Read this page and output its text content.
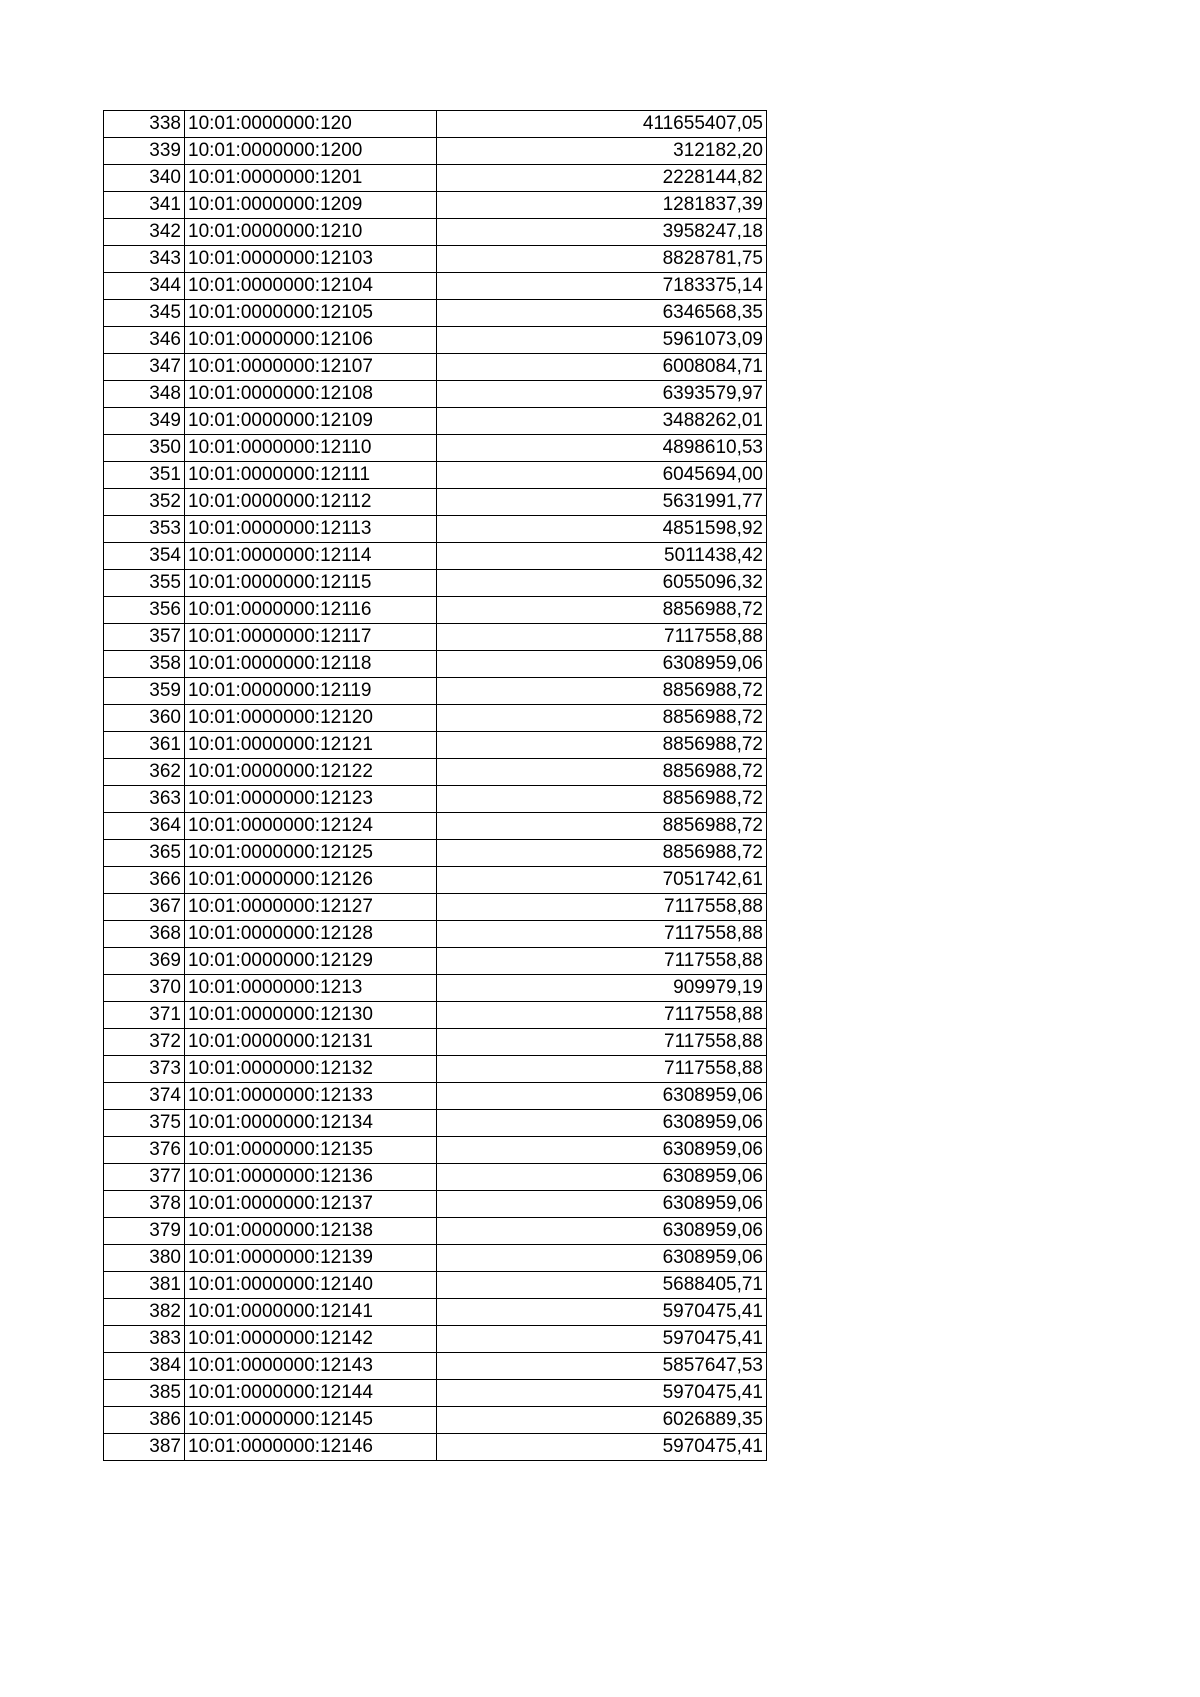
338	10:01:0000000:120	411655407,05
339	10:01:0000000:1200	312182,20
340	10:01:0000000:1201	2228144,82
341	10:01:0000000:1209	1281837,39
342	10:01:0000000:1210	3958247,18
343	10:01:0000000:12103	8828781,75
344	10:01:0000000:12104	7183375,14
345	10:01:0000000:12105	6346568,35
346	10:01:0000000:12106	5961073,09
347	10:01:0000000:12107	6008084,71
348	10:01:0000000:12108	6393579,97
349	10:01:0000000:12109	3488262,01
350	10:01:0000000:12110	4898610,53
351	10:01:0000000:12111	6045694,00
352	10:01:0000000:12112	5631991,77
353	10:01:0000000:12113	4851598,92
354	10:01:0000000:12114	5011438,42
355	10:01:0000000:12115	6055096,32
356	10:01:0000000:12116	8856988,72
357	10:01:0000000:12117	7117558,88
358	10:01:0000000:12118	6308959,06
359	10:01:0000000:12119	8856988,72
360	10:01:0000000:12120	8856988,72
361	10:01:0000000:12121	8856988,72
362	10:01:0000000:12122	8856988,72
363	10:01:0000000:12123	8856988,72
364	10:01:0000000:12124	8856988,72
365	10:01:0000000:12125	8856988,72
366	10:01:0000000:12126	7051742,61
367	10:01:0000000:12127	7117558,88
368	10:01:0000000:12128	7117558,88
369	10:01:0000000:12129	7117558,88
370	10:01:0000000:1213	909979,19
371	10:01:0000000:12130	7117558,88
372	10:01:0000000:12131	7117558,88
373	10:01:0000000:12132	7117558,88
374	10:01:0000000:12133	6308959,06
375	10:01:0000000:12134	6308959,06
376	10:01:0000000:12135	6308959,06
377	10:01:0000000:12136	6308959,06
378	10:01:0000000:12137	6308959,06
379	10:01:0000000:12138	6308959,06
380	10:01:0000000:12139	6308959,06
381	10:01:0000000:12140	5688405,71
382	10:01:0000000:12141	5970475,41
383	10:01:0000000:12142	5970475,41
384	10:01:0000000:12143	5857647,53
385	10:01:0000000:12144	5970475,41
386	10:01:0000000:12145	6026889,35
387	10:01:0000000:12146	5970475,41
